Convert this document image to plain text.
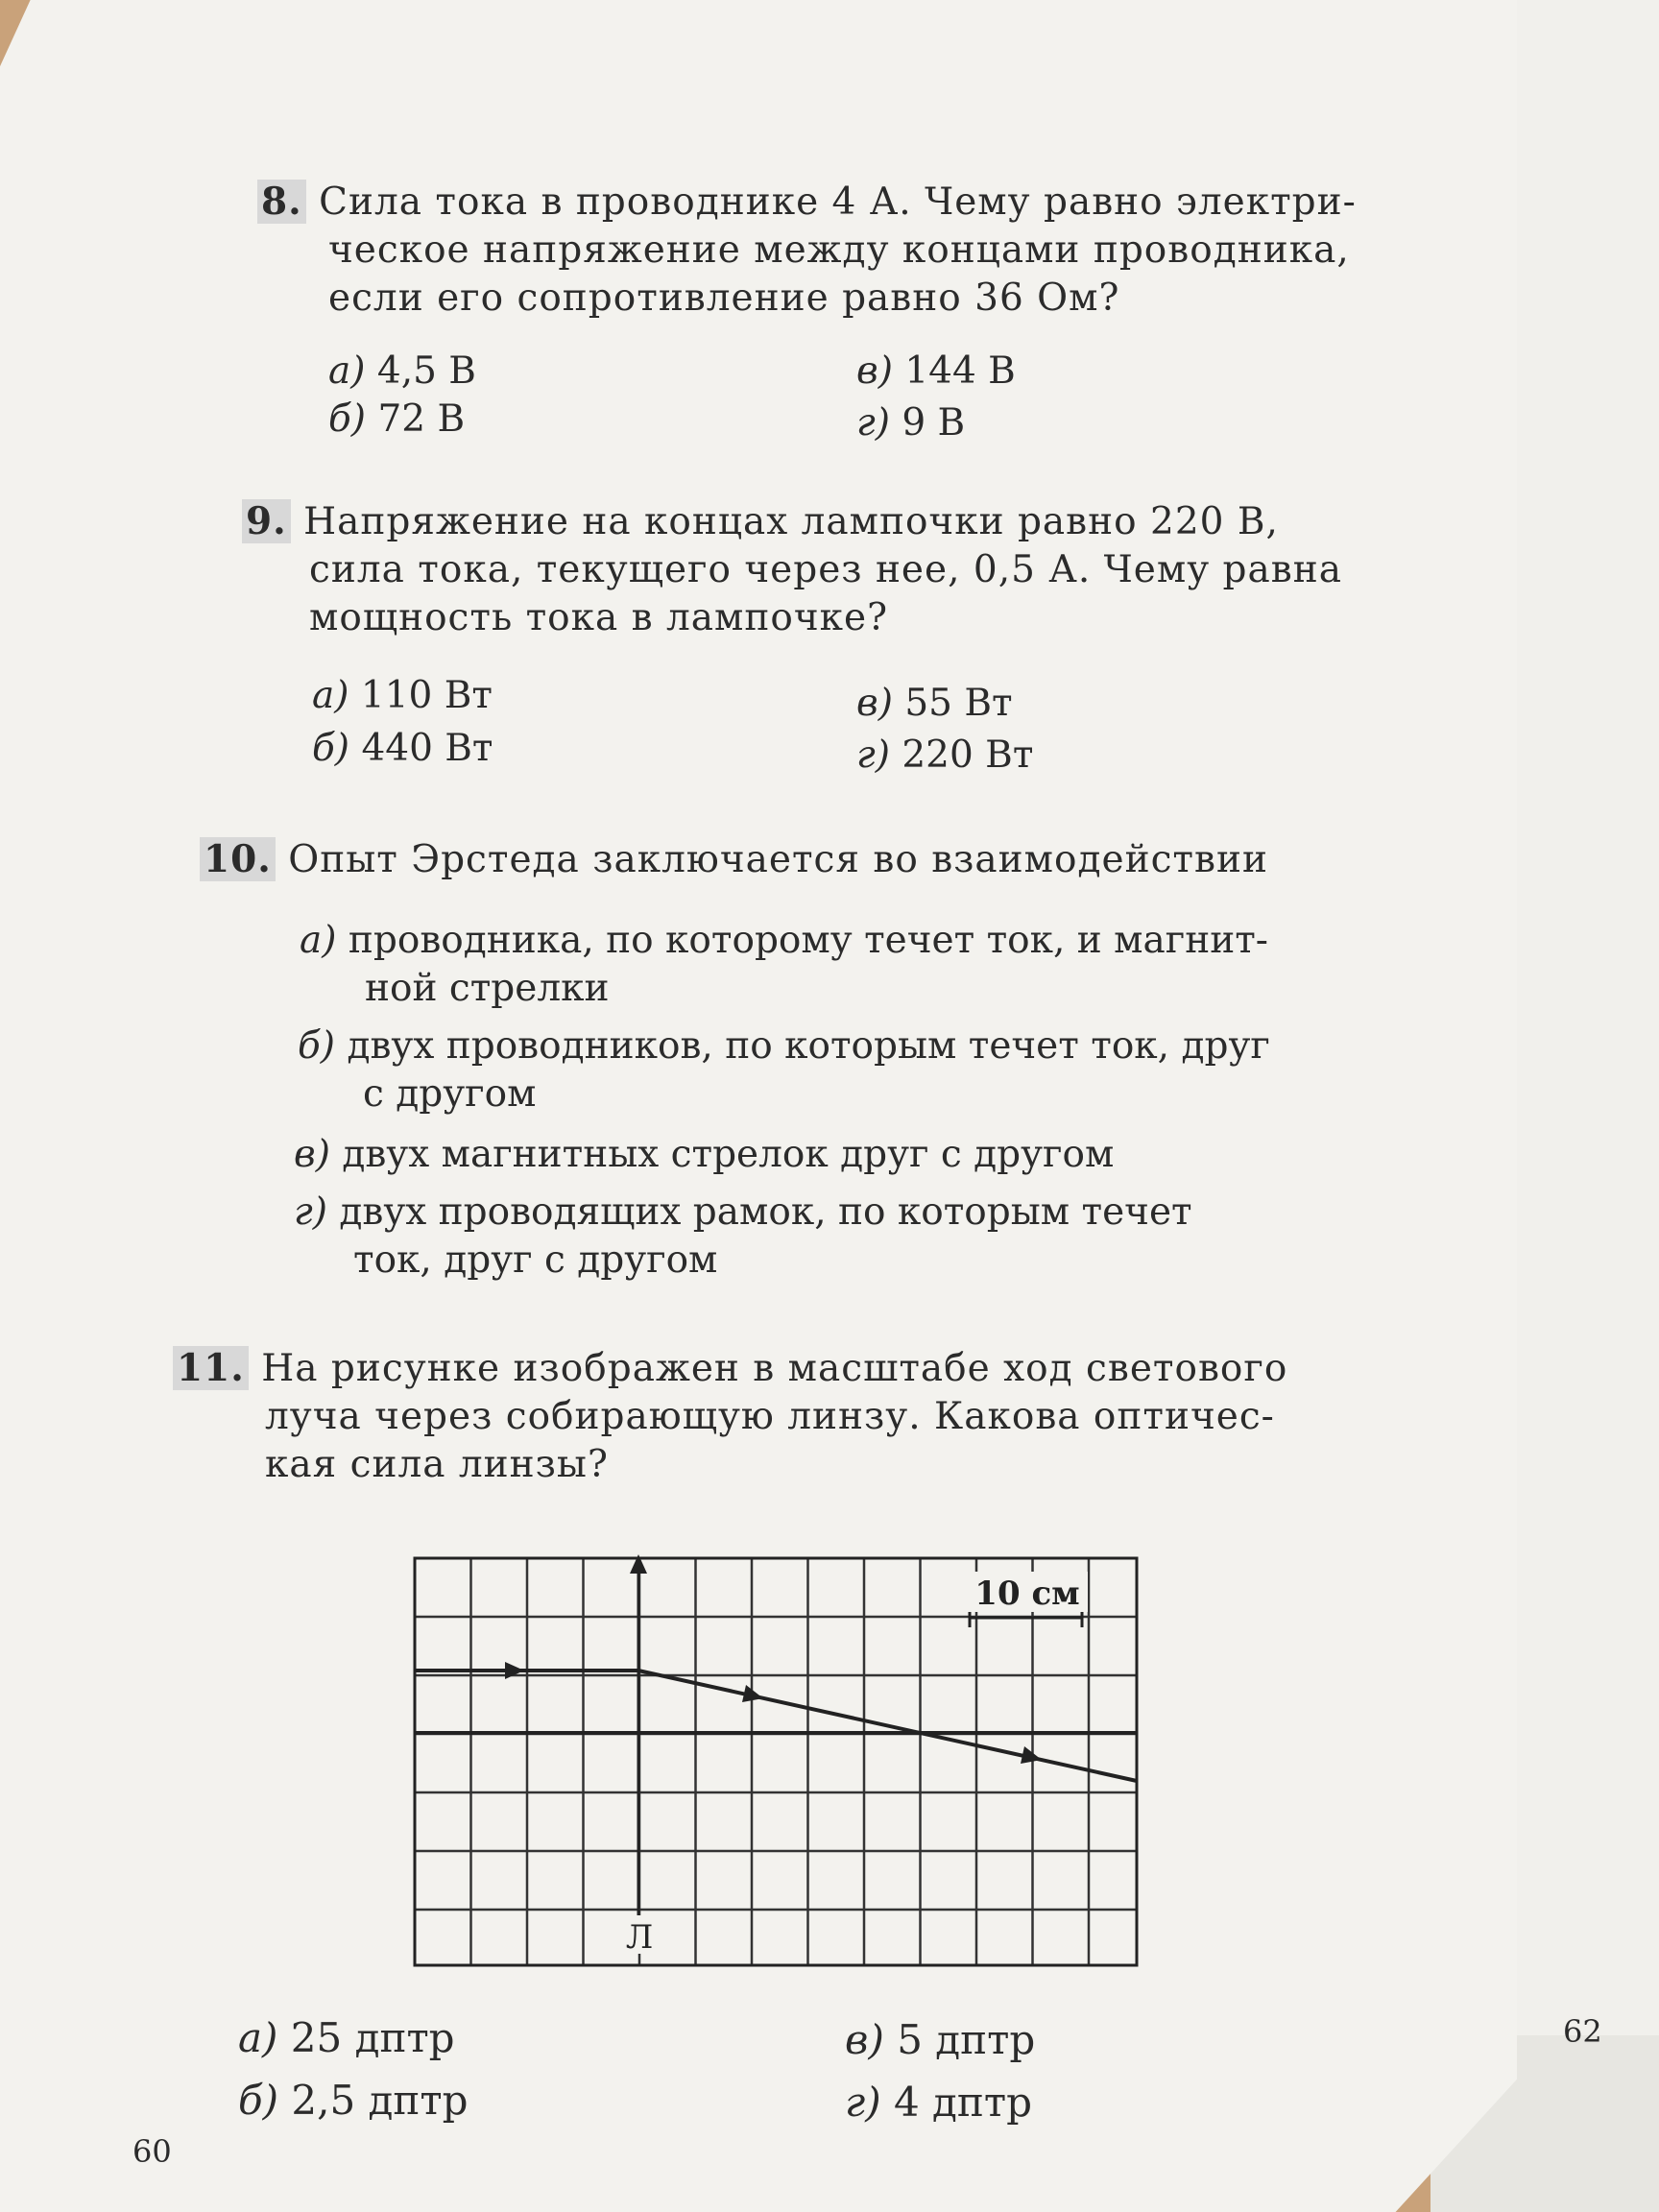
8. Сила тока в проводнике 4 А. Чему равно электри-
ческое напряжение между концами проводника,
если его сопротивление равно 36 Ом?
а) 4,5 В
б) 72 В
в) 144 В
г) 9 В
9. Напряжение на концах лампочки равно 220 В,
сила тока, текущего через нее, 0,5 А. Чему равна
мощность тока в лампочке?
а) 110 Вт
б) 440 Вт
в) 55 Вт
г) 220 Вт
10. Опыт Эрстеда заключается во взаимодействии
а) проводника, по которому течет ток, и магнит-
ной стрелки
б) двух проводников, по которым течет ток, друг
с другом
в) двух магнитных стрелок друг с другом
г) двух проводящих рамок, по которым течет
ток, друг с другом
11. На рисунке изображен в масштабе ход светового
луча через собирающую линзу. Какова оптичес-
кая сила линзы?
10 см
Л
а) 25 дптр
б) 2,5 дптр
в) 5 дптр
г) 4 дптр
60
62
